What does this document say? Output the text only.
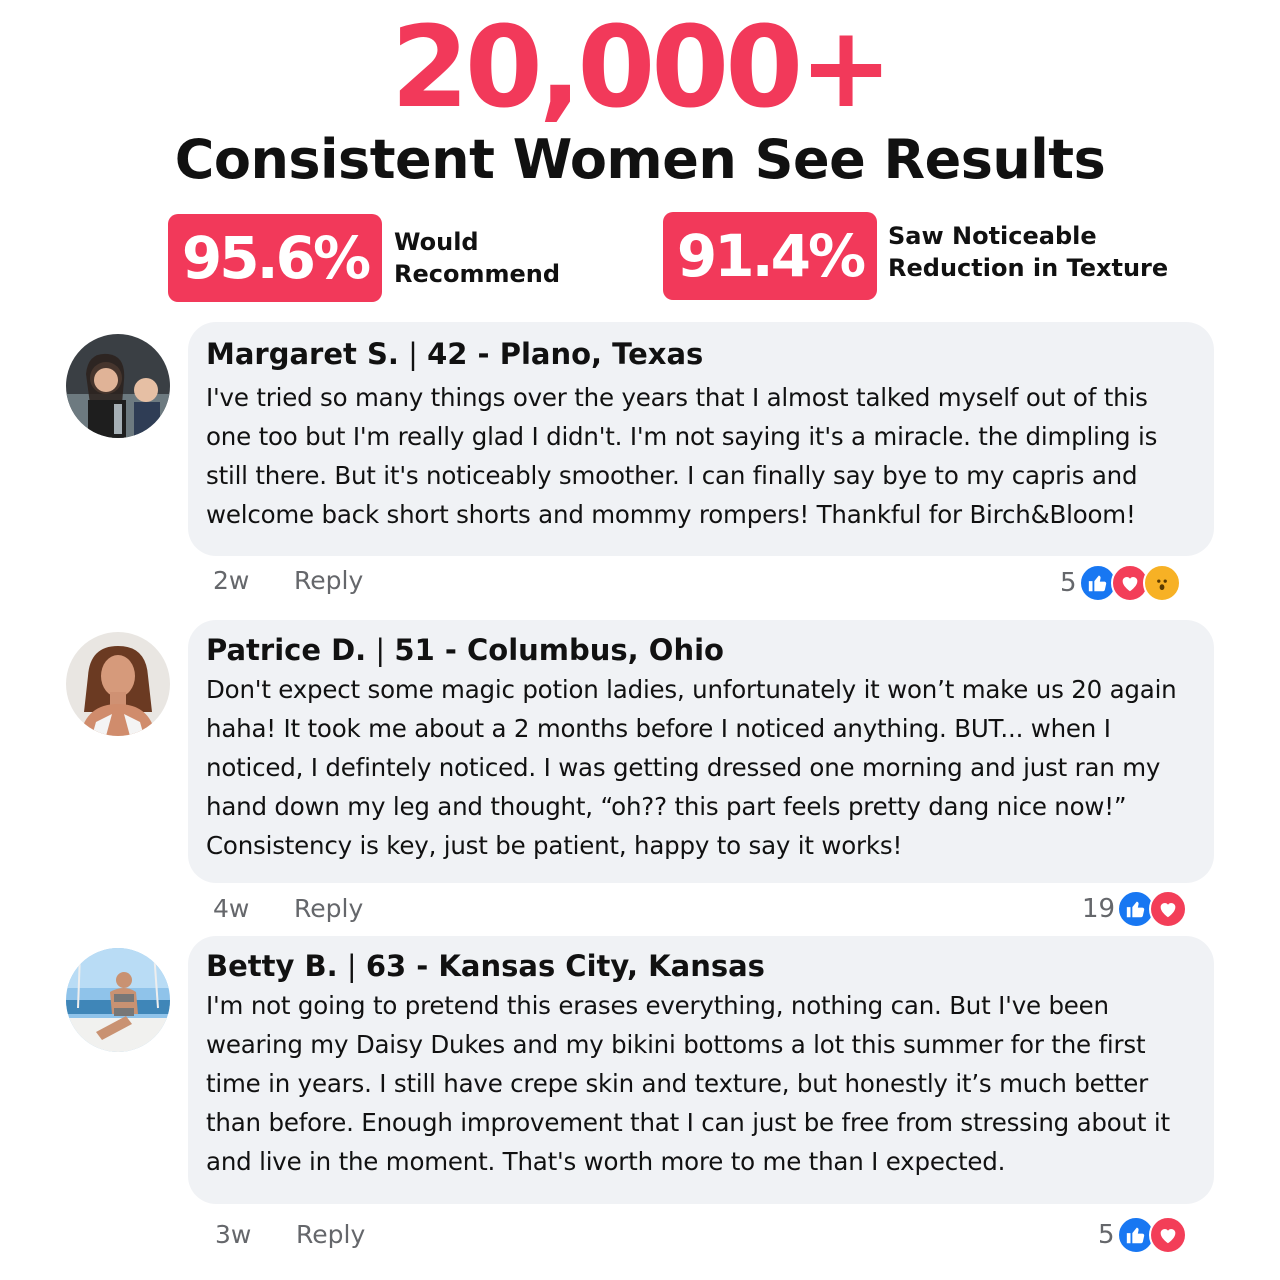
20,000+
Consistent Women See Results
95.6%	Would
Recommend 91.4%	Saw Noticeable
Reduction in Texture

Margaret S. | 42 - Plano, Texas

I've tried so many things over the years that I almost talked myself out of this one too but I'm really glad I didn't. I'm not saying it's a miracle. the dimpling is still there. But it's noticeably smoother. I can finally say bye to my capris and welcome back short shorts and mommy rompers! Thankful for Birch&Bloom!

2w Reply	5

Patrice D. | 51 - Columbus, Ohio

Don't expect some magic potion ladies, unfortunately it won’t make us 20 again haha! It took me about a 2 months before I noticed anything. BUT... when I noticed, I defintely noticed. I was getting dressed one morning and just ran my hand down my leg and thought, “oh?? this part feels pretty dang nice now!” Consistency is key, just be patient, happy to say it works!

4w Reply	19

Betty B. | 63 - Kansas City, Kansas

I'm not going to pretend this erases everything, nothing can. But I've been wearing my Daisy Dukes and my bikini bottoms a lot this summer for the first time in years. I still have crepe skin and texture, but honestly it’s much better than before. Enough improvement that I can just be free from stressing about it and live in the moment. That's worth more to me than I expected.

3w Reply	5
